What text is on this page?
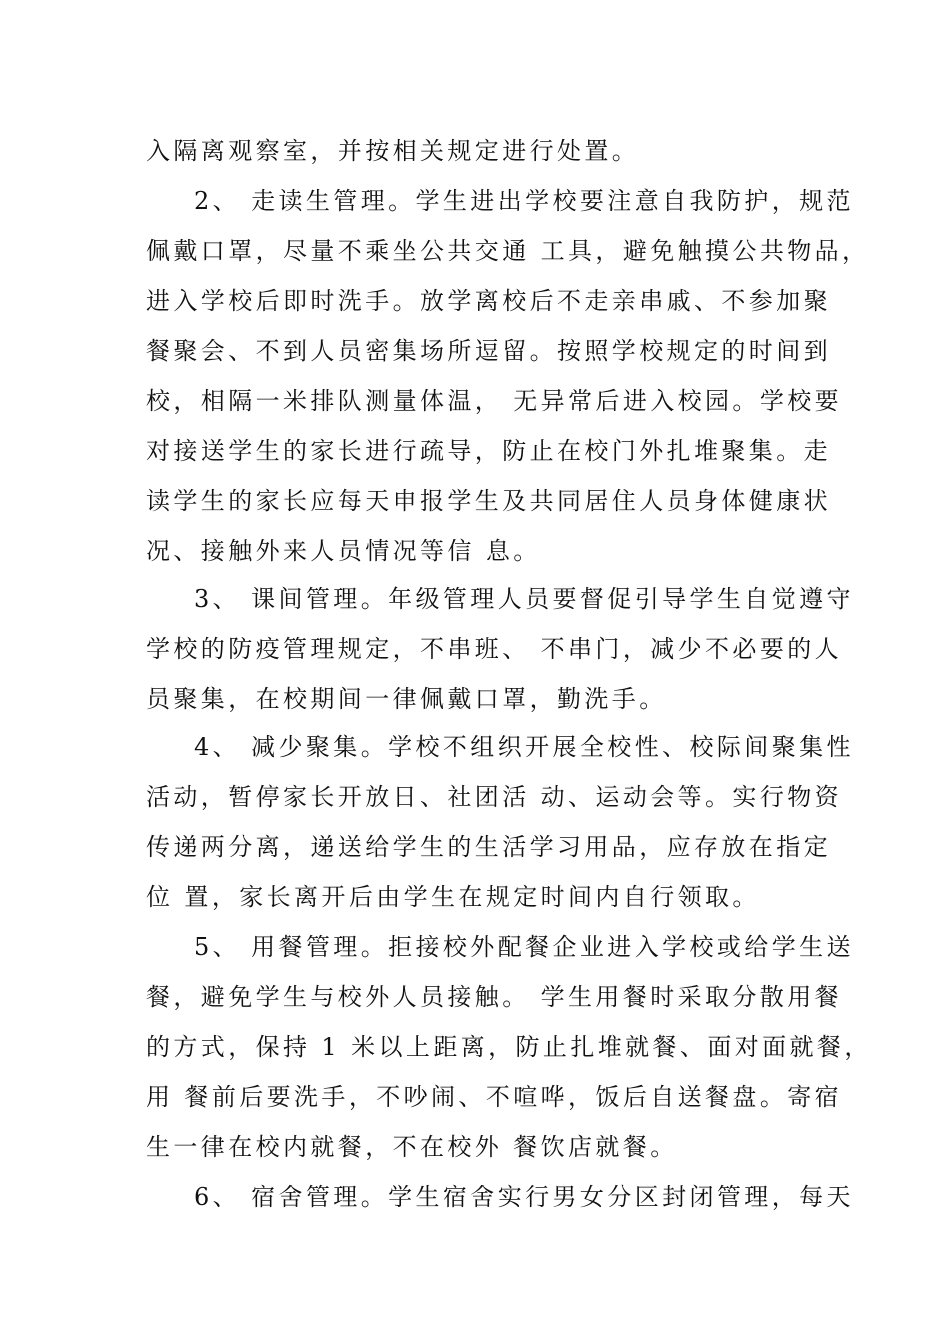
入隔离观察室，并按相关规定进行处置。
2、 走读生管理。学生进出学校要注意自我防护，规范
佩戴口罩，尽量不乘坐公共交通 工具，避免触摸公共物品，
进入学校后即时洗手。放学离校后不走亲串戚、不参加聚
餐聚会、不到人员密集场所逗留。按照学校规定的时间到
校，相隔一米排队测量体温， 无异常后进入校园。学校要
对接送学生的家长进行疏导，防止在校门外扎堆聚集。走
读学生的家长应每天申报学生及共同居住人员身体健康状
况、接触外来人员情况等信 息。
3、 课间管理。年级管理人员要督促引导学生自觉遵守
学校的防疫管理规定，不串班、 不串门，减少不必要的人
员聚集，在校期间一律佩戴口罩，勤洗手。
4、 减少聚集。学校不组织开展全校性、校际间聚集性
活动，暂停家长开放日、社团活 动、运动会等。实行物资
传递两分离，递送给学生的生活学习用品，应存放在指定
位 置，家长离开后由学生在规定时间内自行领取。
5、 用餐管理。拒接校外配餐企业进入学校或给学生送
餐，避免学生与校外人员接触。 学生用餐时采取分散用餐
的方式，保持 1 米以上距离，防止扎堆就餐、面对面就餐，
用 餐前后要洗手，不吵闹、不喧哗，饭后自送餐盘。寄宿
生一律在校内就餐，不在校外 餐饮店就餐。
6、 宿舍管理。学生宿舍实行男女分区封闭管理，每天
